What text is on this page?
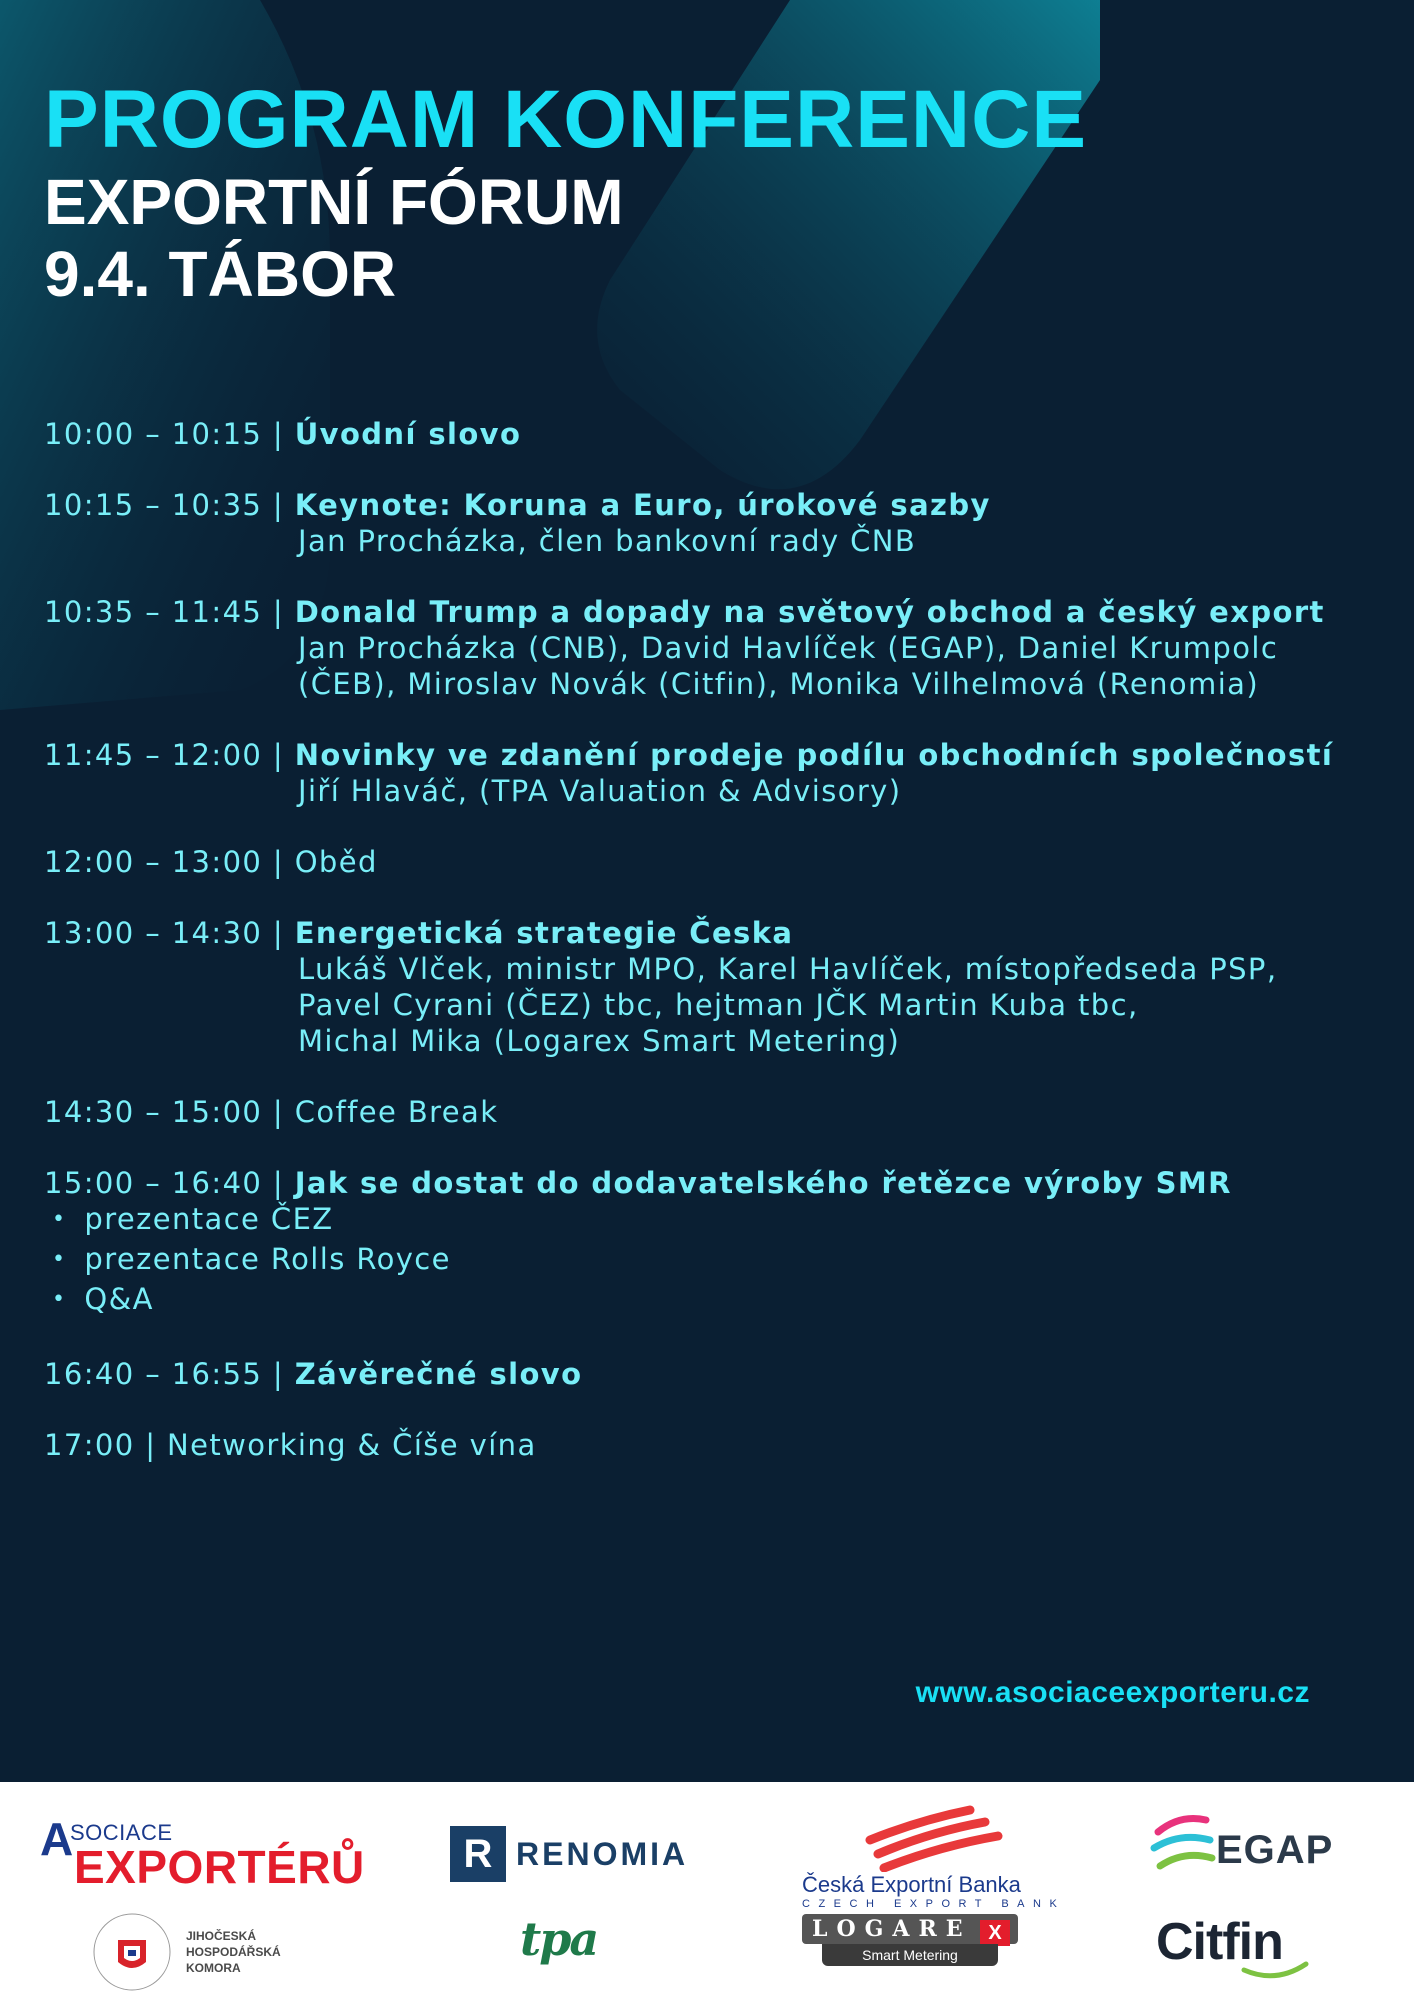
PROGRAM KONFERENCE
EXPORTNÍ FÓRUM
9.4. TÁBOR
10:00 – 10:15 | Úvodní slovo
10:15 – 10:35 | Keynote: Koruna a Euro, úrokové sazby
Jan Procházka, člen bankovní rady ČNB
10:35 – 11:45 | Donald Trump a dopady na světový obchod a český export
Jan Procházka (CNB), David Havlíček (EGAP), Daniel Krumpolc
(ČEB), Miroslav Novák (Citfin), Monika Vilhelmová (Renomia)
11:45 – 12:00 | Novinky ve zdanění prodeje podílu obchodních společností
Jiří Hlaváč, (TPA Valuation & Advisory)
12:00 – 13:00 | Oběd
13:00 – 14:30 | Energetická strategie Česka
Lukáš Vlček, ministr MPO, Karel Havlíček, místopředseda PSP,
Pavel Cyrani (ČEZ) tbc, hejtman JČK Martin Kuba tbc,
Michal Mika (Logarex Smart Metering)
14:30 – 15:00 | Coffee Break
15:00 – 16:40 | Jak se dostat do dodavatelského řetězce výroby SMR
• prezentace ČEZ
• prezentace Rolls Royce
• Q&A
16:40 – 16:55 | Závěrečné slovo
17:00 | Networking & Číše vína
www.asociaceexporteru.cz
A
SOCIACE
EXPORTÉRŮ	R RENOMIA
Česká Exportní Banka
CZECH EXPORT BANK
EGAP
JIHOČESKÁ
HOSPODÁŘSKÁ
KOMORA
tpa	LOGARE X
Smart Metering	Citfin
